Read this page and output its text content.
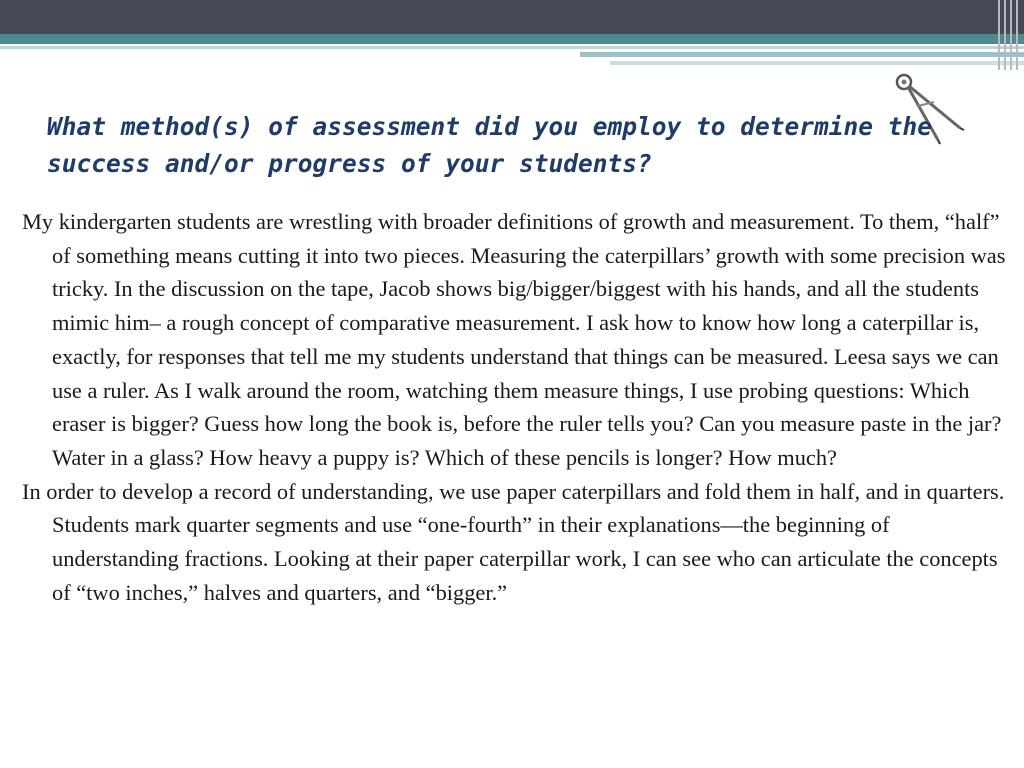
What method(s) of assessment did you employ to determine the success and/or progress of your students?

My kindergarten students are wrestling with broader definitions of growth and measurement. To them, “half” of something means cutting it into two pieces. Measuring the caterpillars’ growth with some precision was tricky. In the discussion on the tape, Jacob shows big/bigger/biggest with his hands, and all the students mimic him– a rough concept of comparative measurement. I ask how to know how long a caterpillar is, exactly, for responses that tell me my students understand that things can be measured. Leesa says we can use a ruler. As I walk around the room, watching them measure things, I use probing questions: Which eraser is bigger? Guess how long the book is, before the ruler tells you? Can you measure paste in the jar? Water in a glass? How heavy a puppy is? Which of these pencils is longer? How much?

In order to develop a record of understanding, we use paper caterpillars and fold them in half, and in quarters. Students mark quarter segments and use “one-fourth” in their explanations—the beginning of understanding fractions. Looking at their paper caterpillar work, I can see who can articulate the concepts of “two inches,” halves and quarters, and “bigger.”
